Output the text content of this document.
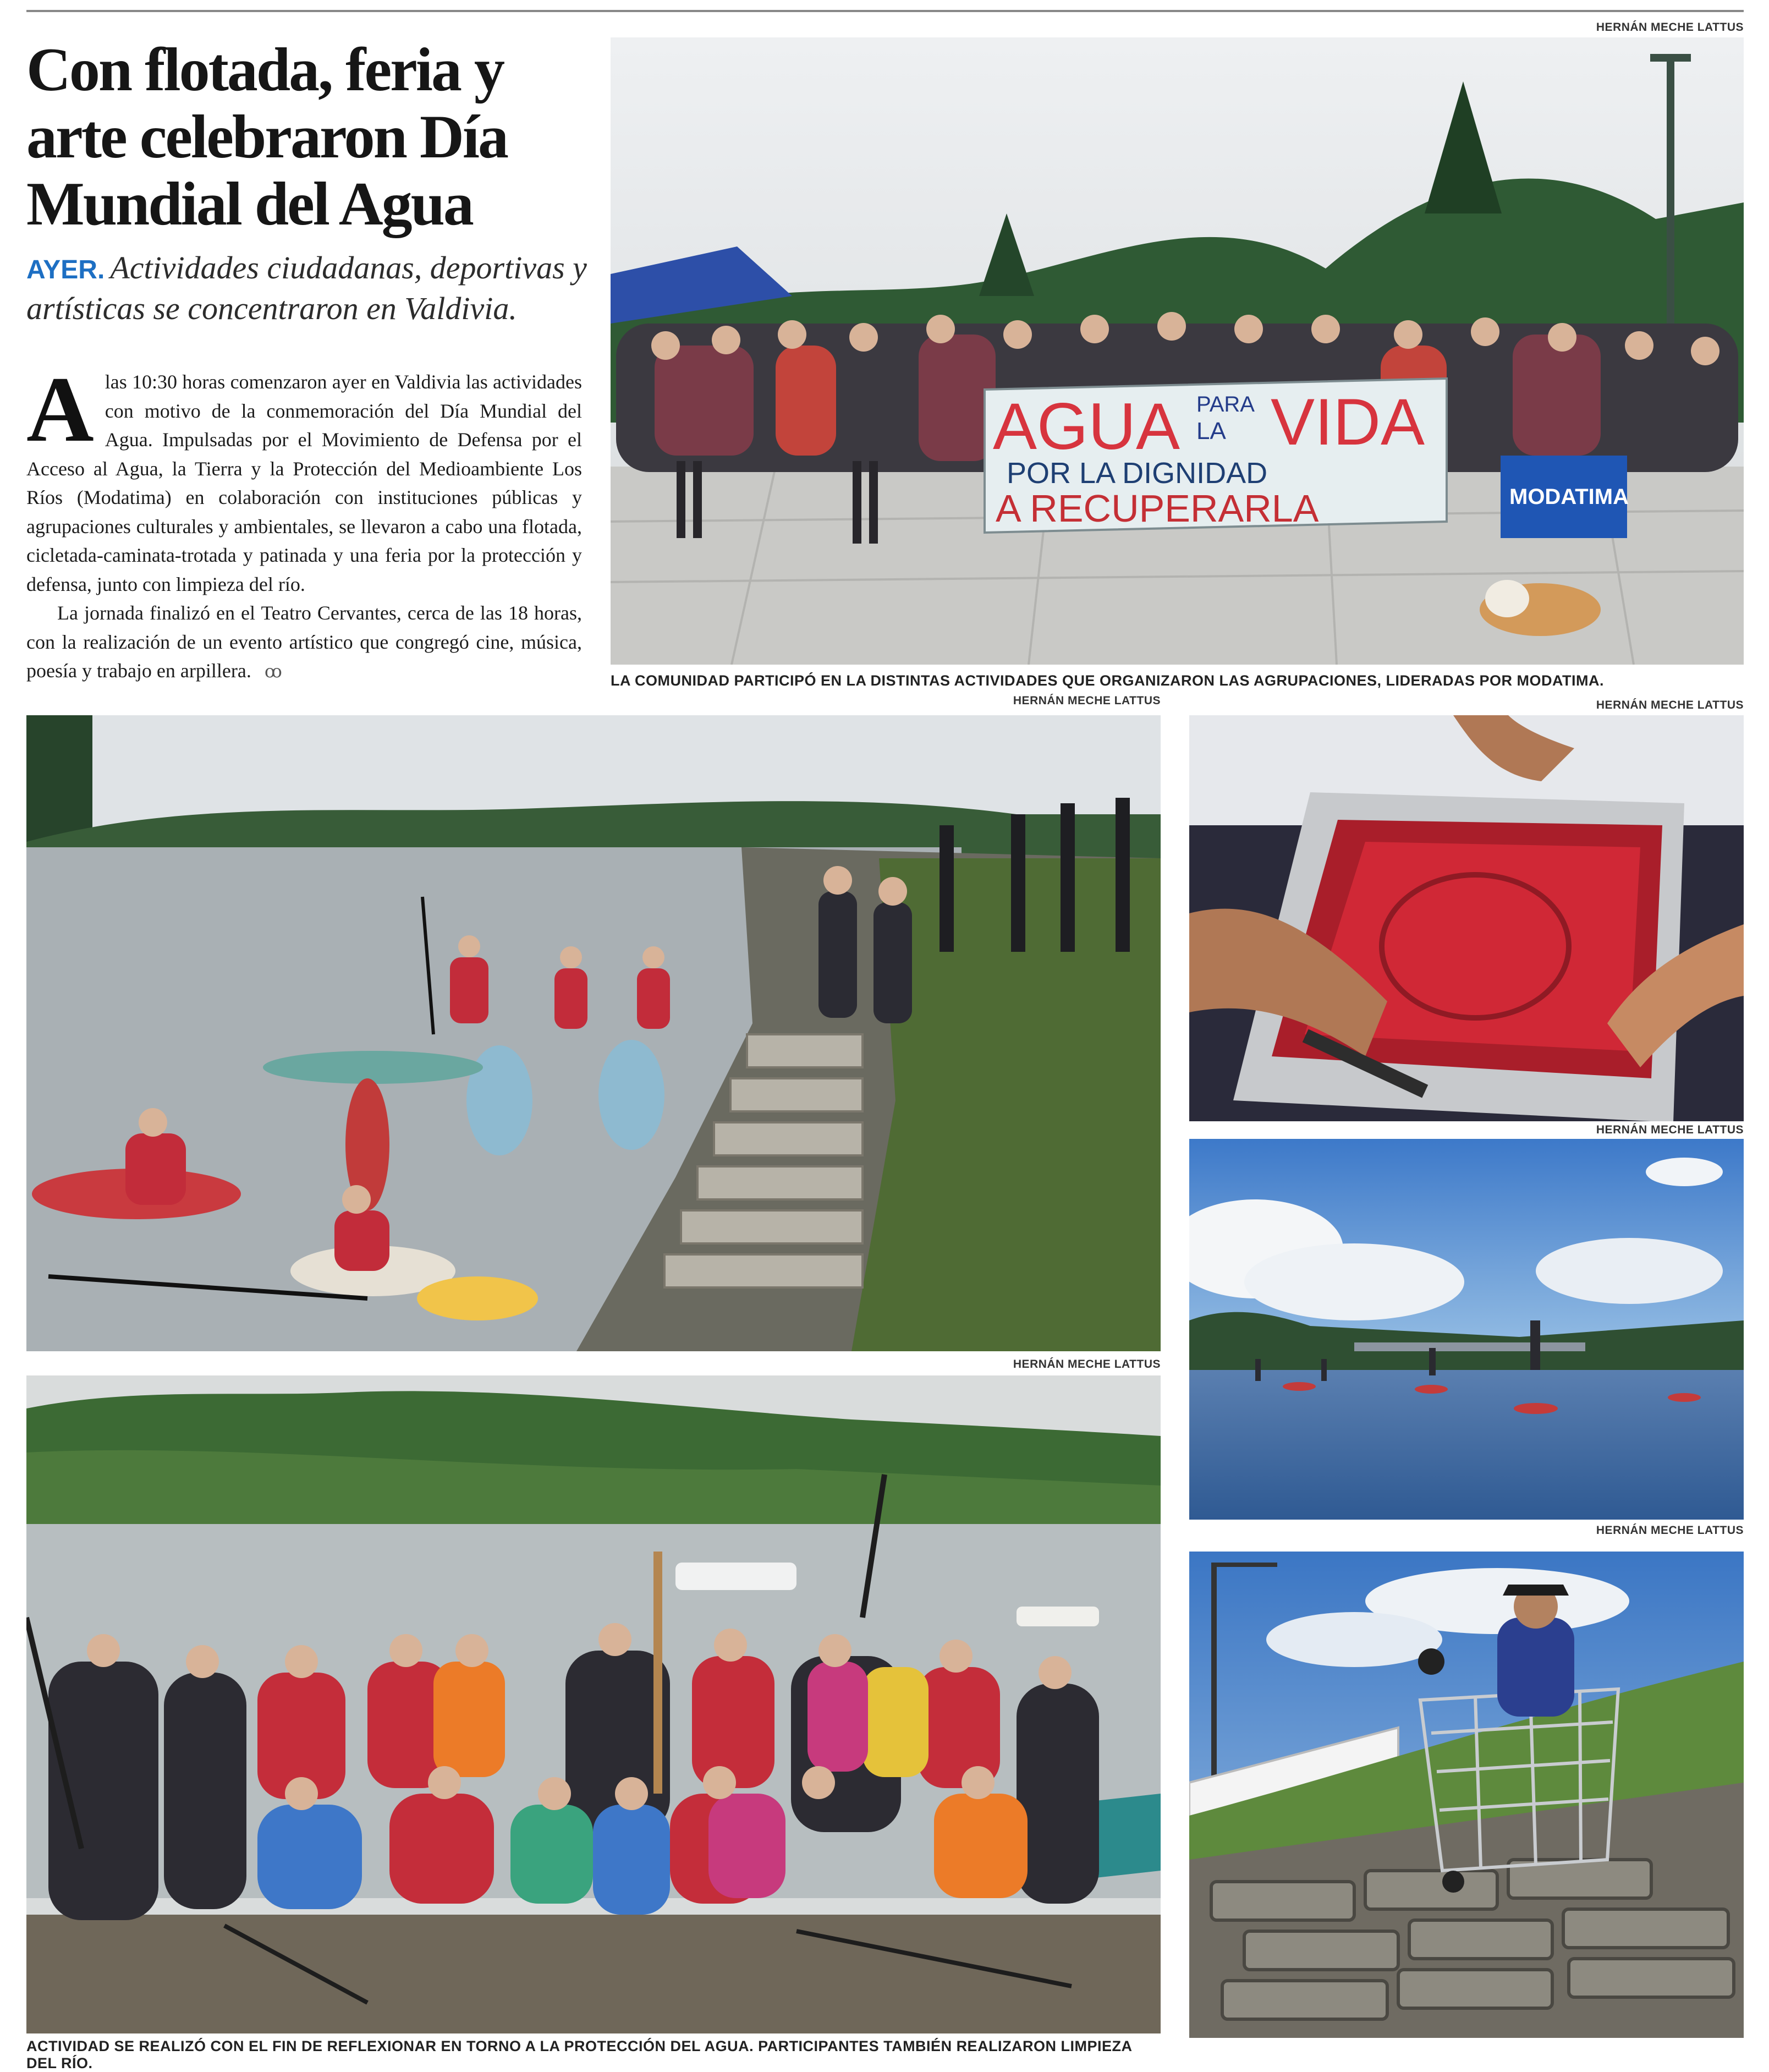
Con flotada, feria y arte celebraron Día Mundial del Agua
AYER. Actividades ciudadanas, deportivas y artísticas se concentraron en Valdivia.

Alas 10:30 horas comenzaron ayer en Valdivia las actividades con motivo de la conmemoración del Día Mundial del Agua. Impulsadas por el Movimiento de Defensa por el Acceso al Agua, la Tierra y la Protección del Medioambiente Los Ríos (Modatima) en colaboración con instituciones públicas y agrupaciones culturales y ambientales, se llevaron a cabo una flotada, cicletada-caminata-trotada y patinada y una feria por la protección y defensa, junto con limpieza del río.

La jornada finalizó en el Teatro Cervantes, cerca de las 18 horas, con la realización de un evento artístico que congregó cine, música, poesía y trabajo en arpillera. ꝏ

HERNÁN MECHE LATTUS
AGUA PARA
LA VIDA
POR LA DIGNIDAD
A RECUPERARLA	MODATIMA
LA COMUNIDAD PARTICIPÓ EN LA DISTINTAS ACTIVIDADES QUE ORGANIZARON LAS AGRUPACIONES, LIDERADAS POR MODATIMA.
HERNÁN MECHE LATTUS
HERNÁN MECHE LATTUS
HERNÁN MECHE LATTUS
HERNÁN MECHE LATTUS
HERNÁN MECHE LATTUS
ACTIVIDAD SE REALIZÓ CON EL FIN DE REFLEXIONAR EN TORNO A LA PROTECCIÓN DEL AGUA. PARTICIPANTES TAMBIÉN REALIZARON LIMPIEZA DEL RÍO.
